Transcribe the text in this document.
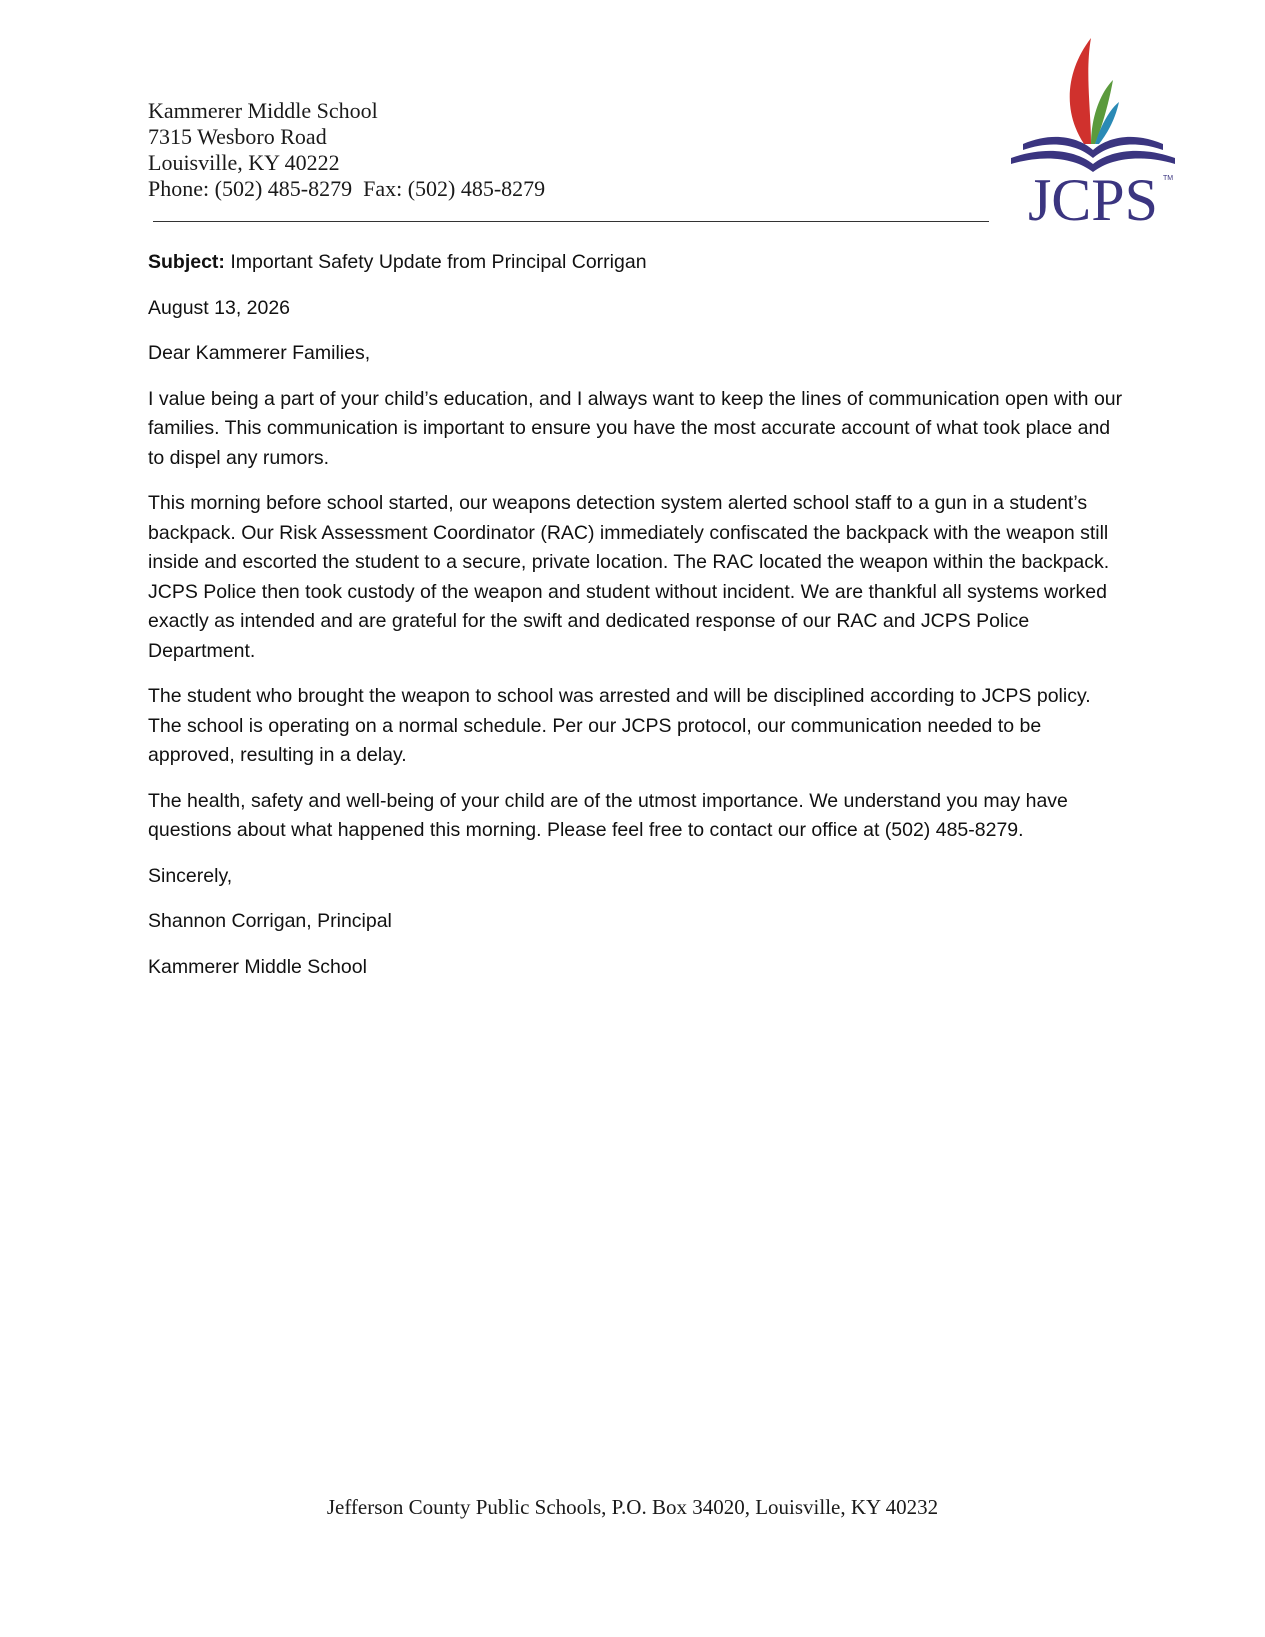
Kammerer Middle School
7315 Wesboro Road
Louisville, KY 40222
Phone: (502) 485-8279  Fax: (502) 485-8279	JCPS TM

Subject: Important Safety Update from Principal Corrigan

August 13, 2026

Dear Kammerer Families,

I value being a part of your child’s education, and I always want to keep the lines of communication open with our families. This communication is important to ensure you have the most accurate account of what took place and to dispel any rumors.

This morning before school started, our weapons detection system alerted school staff to a gun in a student’s backpack. Our Risk Assessment Coordinator (RAC) immediately confiscated the backpack with the weapon still inside and escorted the student to a secure, private location. The RAC located the weapon within the backpack. JCPS Police then took custody of the weapon and student without incident. We are thankful all systems worked exactly as intended and are grateful for the swift and dedicated response of our RAC and JCPS Police Department.

The student who brought the weapon to school was arrested and will be disciplined according to JCPS policy. The school is operating on a normal schedule. Per our JCPS protocol, our communication needed to be approved, resulting in a delay.

The health, safety and well-being of your child are of the utmost importance. We understand you may have questions about what happened this morning. Please feel free to contact our office at (502) 485-8279.

Sincerely,

Shannon Corrigan, Principal

Kammerer Middle School

Jefferson County Public Schools, P.O. Box 34020, Louisville, KY 40232
